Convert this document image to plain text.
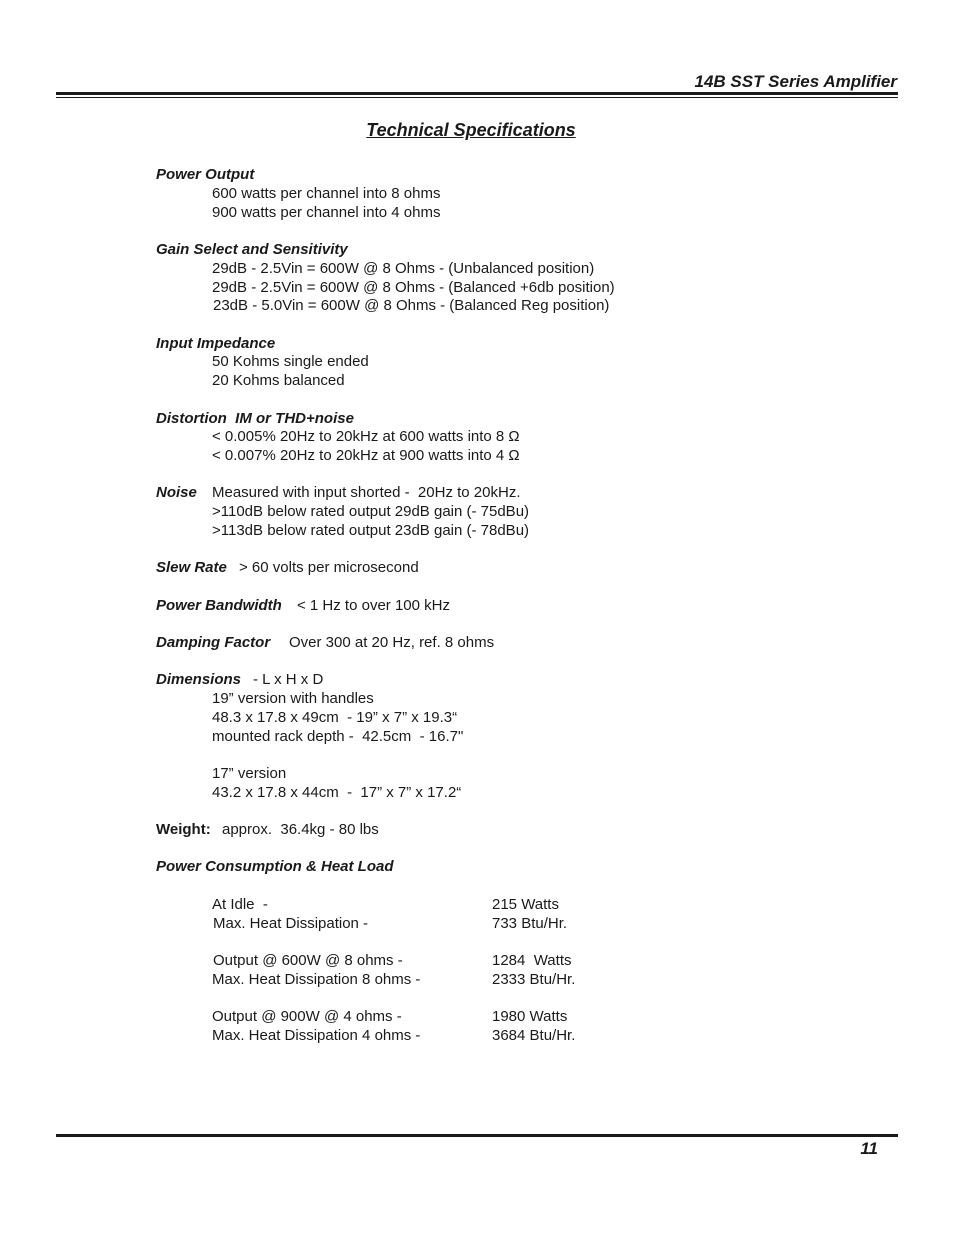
14B SST Series Amplifier
Technical Specifications
Power Output
600 watts per channel into 8 ohms
900 watts per channel into 4 ohms
Gain Select and Sensitivity
29dB - 2.5Vin = 600W @ 8 Ohms - (Unbalanced position)
29dB - 2.5Vin = 600W @ 8 Ohms - (Balanced +6db position)
23dB - 5.0Vin = 600W @ 8 Ohms - (Balanced Reg position)
Input Impedance
50 Kohms single ended
20 Kohms balanced
Distortion  IM or THD+noise
< 0.005% 20Hz to 20kHz at 600 watts into 8 Ω
< 0.007% 20Hz to 20kHz at 900 watts into 4 Ω
Noise Measured with input shorted -  20Hz to 20kHz.
>110dB below rated output 29dB gain (- 75dBu)
>113dB below rated output 23dB gain (- 78dBu)
Slew Rate > 60 volts per microsecond
Power Bandwidth < 1 Hz to over 100 kHz
Damping Factor Over 300 at 20 Hz, ref. 8 ohms
Dimensions - L x H x D
19” version with handles
48.3 x 17.8 x 49cm  - 19” x 7” x 19.3“
mounted rack depth -  42.5cm  - 16.7"
17” version
43.2 x 17.8 x 44cm  -  17” x 7” x 17.2“
Weight: approx.  36.4kg - 80 lbs
Power Consumption & Heat Load
At Idle  -	215 Watts
Max. Heat Dissipation -	733 Btu/Hr.
Output @ 600W @ 8 ohms -	1284  Watts
Max. Heat Dissipation 8 ohms -	2333 Btu/Hr.
Output @ 900W @ 4 ohms -	1980 Watts
Max. Heat Dissipation 4 ohms -	3684 Btu/Hr.
11
